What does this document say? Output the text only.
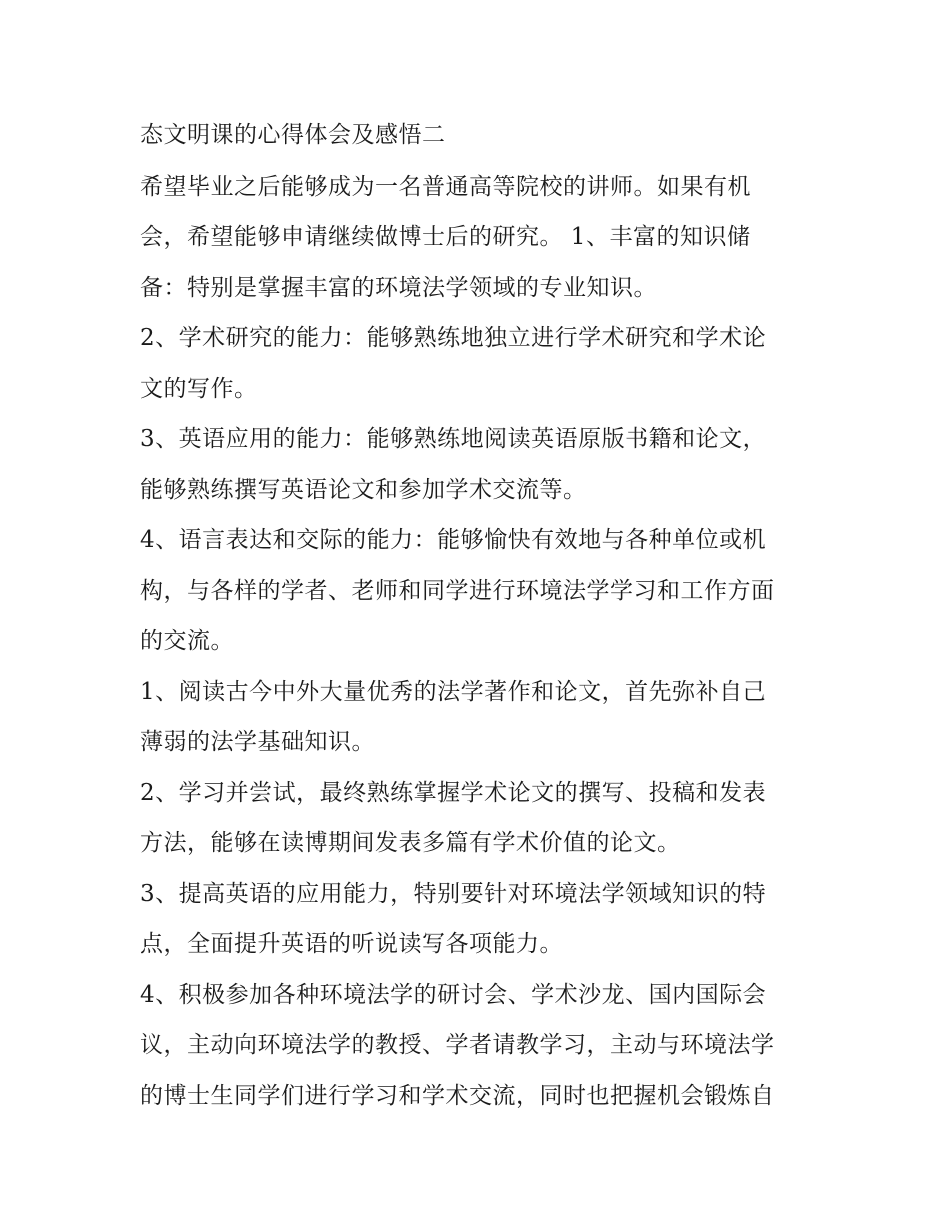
态文明课的心得体会及感悟二
希望毕业之后能够成为一名普通高等院校的讲师。如果有机
会，希望能够申请继续做博士后的研究。 1、丰富的知识储
备：特别是掌握丰富的环境法学领域的专业知识。
2、学术研究的能力：能够熟练地独立进行学术研究和学术论
文的写作。
3、英语应用的能力：能够熟练地阅读英语原版书籍和论文，
能够熟练撰写英语论文和参加学术交流等。
4、语言表达和交际的能力：能够愉快有效地与各种单位或机
构，与各样的学者、老师和同学进行环境法学学习和工作方面
的交流。
1、阅读古今中外大量优秀的法学著作和论文，首先弥补自己
薄弱的法学基础知识。
2、学习并尝试，最终熟练掌握学术论文的撰写、投稿和发表
方法，能够在读博期间发表多篇有学术价值的论文。
3、提高英语的应用能力，特别要针对环境法学领域知识的特
点，全面提升英语的听说读写各项能力。
4、积极参加各种环境法学的研讨会、学术沙龙、国内国际会
议，主动向环境法学的教授、学者请教学习，主动与环境法学
的博士生同学们进行学习和学术交流，同时也把握机会锻炼自
